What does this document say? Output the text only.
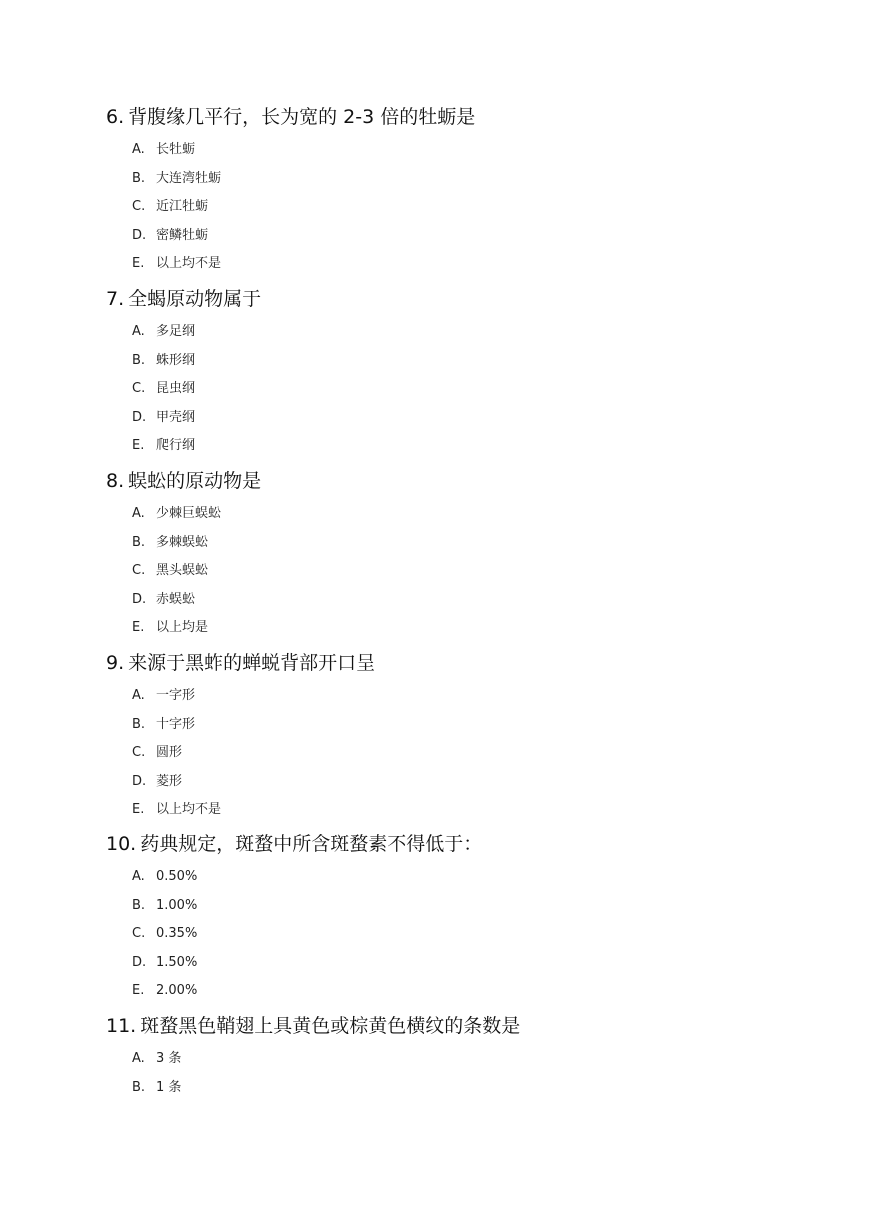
6. 背腹缘几平行，长为宽的 2-3 倍的牡蛎是
A. 长牡蛎
B. 大连湾牡蛎
C. 近江牡蛎
D. 密鳞牡蛎
E. 以上均不是
7. 全蝎原动物属于
A. 多足纲
B. 蛛形纲
C. 昆虫纲
D. 甲壳纲
E. 爬行纲
8. 蜈蚣的原动物是
A. 少棘巨蜈蚣
B. 多棘蜈蚣
C. 黑头蜈蚣
D. 赤蜈蚣
E. 以上均是
9. 来源于黑蚱的蝉蜕背部开口呈
A. 一字形
B. 十字形
C. 圆形
D. 菱形
E. 以上均不是
10. 药典规定，斑蝥中所含斑蝥素不得低于：
A. 0.50%
B. 1.00%
C. 0.35%
D. 1.50%
E. 2.00%
11. 斑蝥黑色鞘翅上具黄色或棕黄色横纹的条数是
A. 3 条
B. 1 条
